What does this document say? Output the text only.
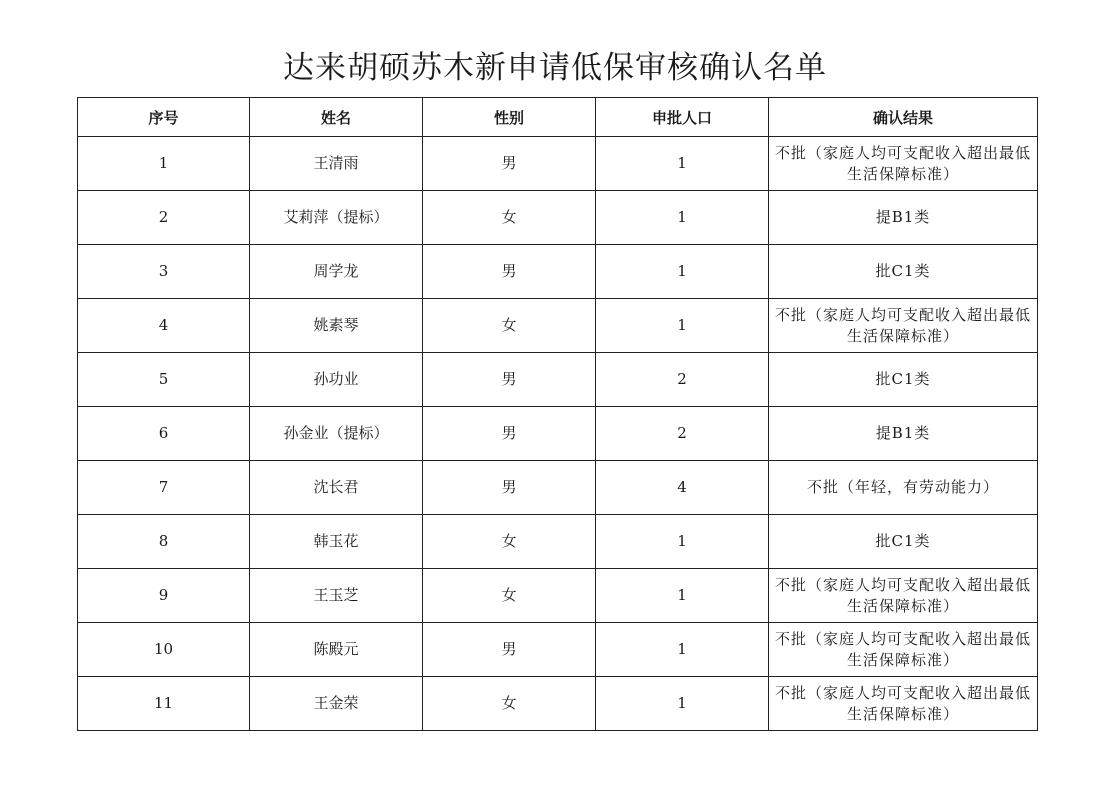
达来胡硕苏木新申请低保审核确认名单
序号	姓名	性别	申批人口	确认结果
1	王清雨	男	1	不批（家庭人均可支配收入超出最低生活保障标准）
2	艾莉萍（提标）	女	1	提B1类
3	周学龙	男	1	批C1类
4	姚素琴	女	1	不批（家庭人均可支配收入超出最低生活保障标准）
5	孙功业	男	2	批C1类
6	孙金业（提标）	男	2	提B1类
7	沈长君	男	4	不批（年轻，有劳动能力）
8	韩玉花	女	1	批C1类
9	王玉芝	女	1	不批（家庭人均可支配收入超出最低生活保障标准）
10	陈殿元	男	1	不批（家庭人均可支配收入超出最低生活保障标准）
11	王金荣	女	1	不批（家庭人均可支配收入超出最低生活保障标准）
